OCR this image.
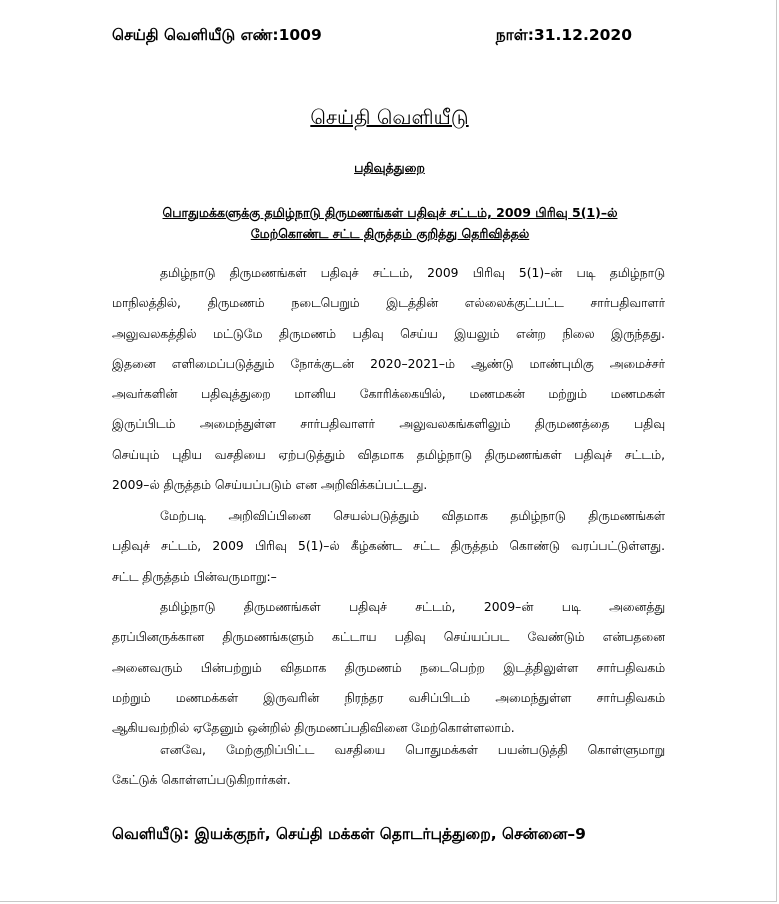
செய்தி வெளியீடு எண்:1009	நாள்:31.12.2020
செய்தி வெளியீடு
பதிவுத்துறை
பொதுமக்களுக்கு தமிழ்நாடு திருமணங்கள் பதிவுச் சட்டம், 2009 பிரிவு 5(1)–ல்
மேற்கொண்ட சட்ட திருத்தம் குறித்து தெரிவித்தல்
தமிழ்நாடு திருமணங்கள் பதிவுச் சட்டம், 2009 பிரிவு 5(1)–ன் படி தமிழ்நாடு
மாநிலத்தில், திருமணம் நடைபெறும் இடத்தின் எல்லைக்குட்பட்ட சார்பதிவாளர்
அலுவலகத்தில் மட்டுமே திருமணம் பதிவு செய்ய இயலும் என்ற நிலை இருந்தது.
இதனை எளிமைப்படுத்தும் நோக்குடன் 2020–2021–ம் ஆண்டு மாண்புமிகு அமைச்சர்
அவர்களின் பதிவுத்துறை மானிய கோரிக்கையில், மணமகன் மற்றும் மணமகள்
இருப்பிடம் அமைந்துள்ள சார்பதிவாளர் அலுவலகங்களிலும் திருமணத்தை பதிவு
செய்யும் புதிய வசதியை ஏற்படுத்தும் விதமாக தமிழ்நாடு திருமணங்கள் பதிவுச் சட்டம்,
2009–ல் திருத்தம் செய்யப்படும் என அறிவிக்கப்பட்டது.
மேற்படி அறிவிப்பினை செயல்படுத்தும் விதமாக தமிழ்நாடு திருமணங்கள்
பதிவுச் சட்டம், 2009 பிரிவு 5(1)–ல் கீழ்கண்ட சட்ட திருத்தம் கொண்டு வரப்பட்டுள்ளது.
சட்ட திருத்தம் பின்வருமாறு:–
தமிழ்நாடு திருமணங்கள் பதிவுச் சட்டம், 2009–ன் படி அனைத்து
தரப்பினருக்கான திருமணங்களும் கட்டாய பதிவு செய்யப்பட வேண்டும் என்பதனை
அனைவரும் பின்பற்றும் விதமாக திருமணம் நடைபெற்ற இடத்திலுள்ள சார்பதிவகம்
மற்றும் மணமக்கள் இருவரின் நிரந்தர வசிப்பிடம் அமைந்துள்ள சார்பதிவகம்
ஆகியவற்றில் ஏதேனும் ஒன்றில் திருமணப்பதிவினை மேற்கொள்ளலாம்.
எனவே, மேற்குறிப்பிட்ட வசதியை பொதுமக்கள் பயன்படுத்தி கொள்ளுமாறு
கேட்டுக் கொள்ளப்படுகிறார்கள்.
வெளியீடு: இயக்குநர், செய்தி மக்கள் தொடர்புத்துறை, சென்னை–9
